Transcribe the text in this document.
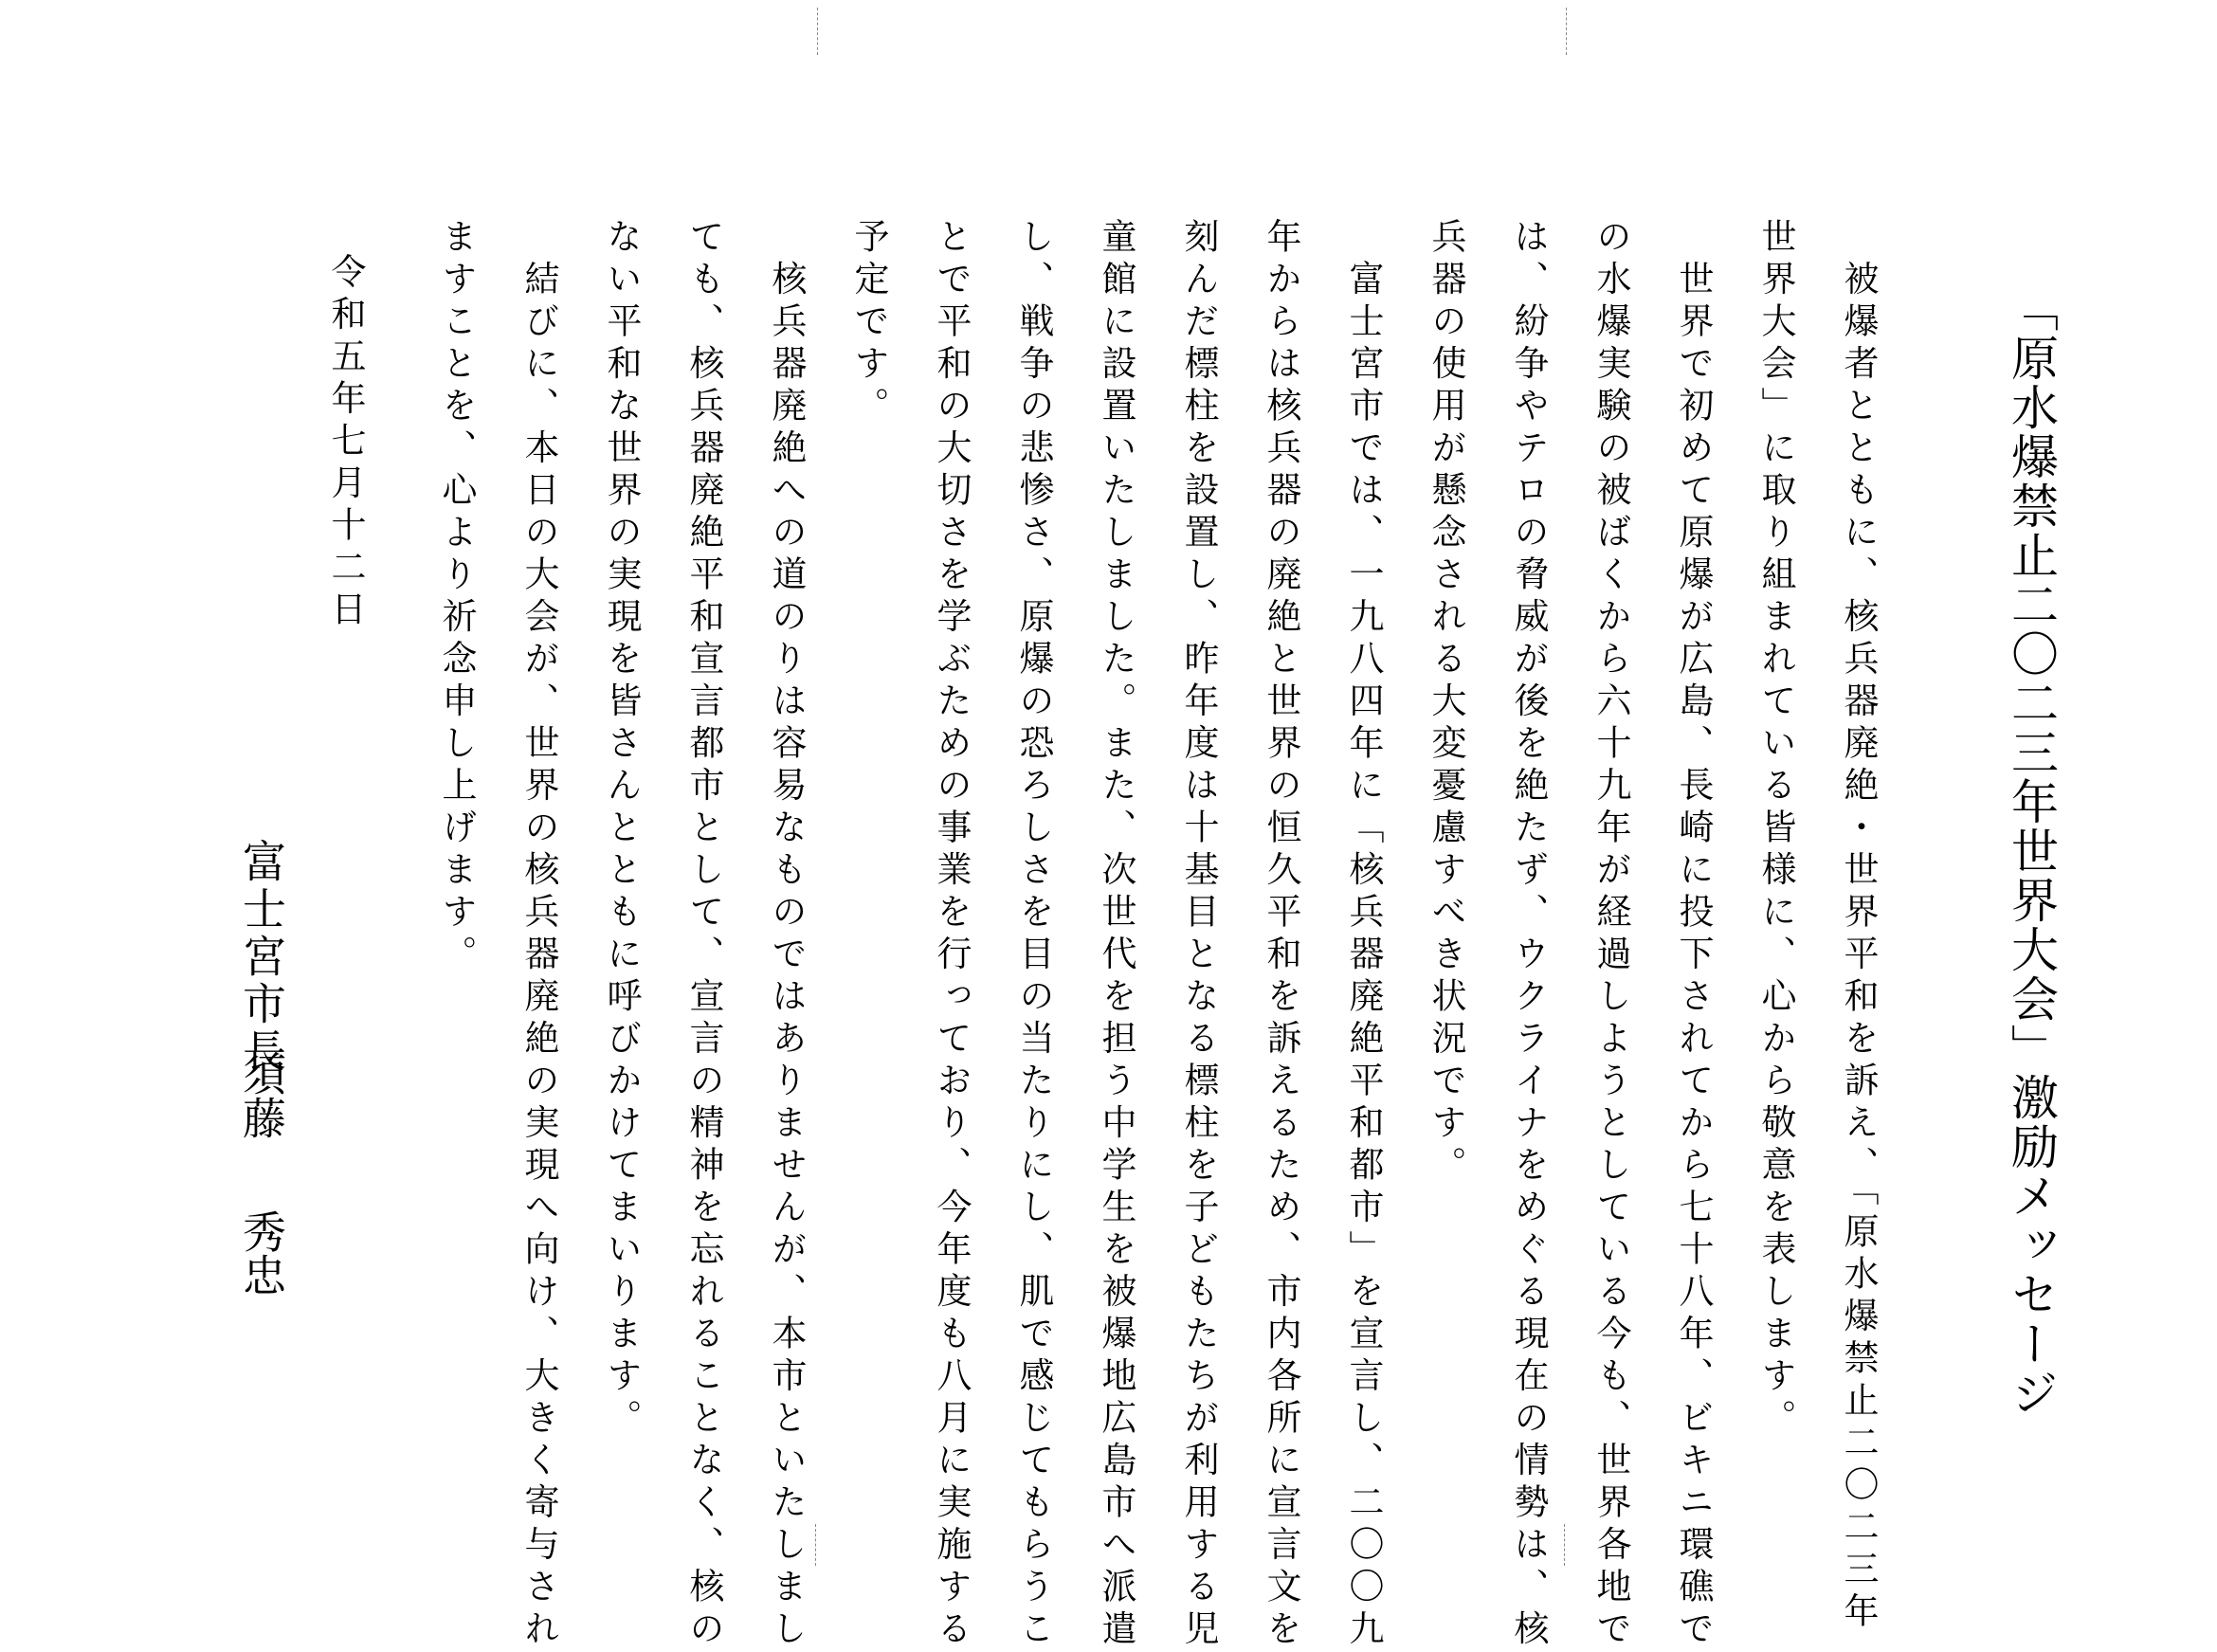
「原水爆禁止二〇二三年世界大会」激励メッセージ
　被爆者とともに、核兵器廃絶・世界平和を訴え、「原水爆禁止二〇二三年
世界大会」に取り組まれている皆様に、心から敬意を表します。
　世界で初めて原爆が広島、長崎に投下されてから七十八年、ビキニ環礁で
の水爆実験の被ばくから六十九年が経過しようとしている今も、世界各地で
は、紛争やテロの脅威が後を絶たず、ウクライナをめぐる現在の情勢は、核
兵器の使用が懸念される大変憂慮すべき状況です。
　富士宮市では、一九八四年に「核兵器廃絶平和都市」を宣言し、二〇〇九
年からは核兵器の廃絶と世界の恒久平和を訴えるため、市内各所に宣言文を
刻んだ標柱を設置し、昨年度は十基目となる標柱を子どもたちが利用する児
童館に設置いたしました。また、次世代を担う中学生を被爆地広島市へ派遣
し、戦争の悲惨さ、原爆の恐ろしさを目の当たりにし、肌で感じてもらうこ
とで平和の大切さを学ぶための事業を行っており、今年度も八月に実施する
予定です。
　核兵器廃絶への道のりは容易なものではありませんが、本市といたしまし
ても、核兵器廃絶平和宣言都市として、宣言の精神を忘れることなく、核の
ない平和な世界の実現を皆さんとともに呼びかけてまいります。
　結びに、本日の大会が、世界の核兵器廃絶の実現へ向け、大きく寄与され
ますことを、心より祈念申し上げます。
令和五年七月十二日
富士宮市長
須藤秀忠
